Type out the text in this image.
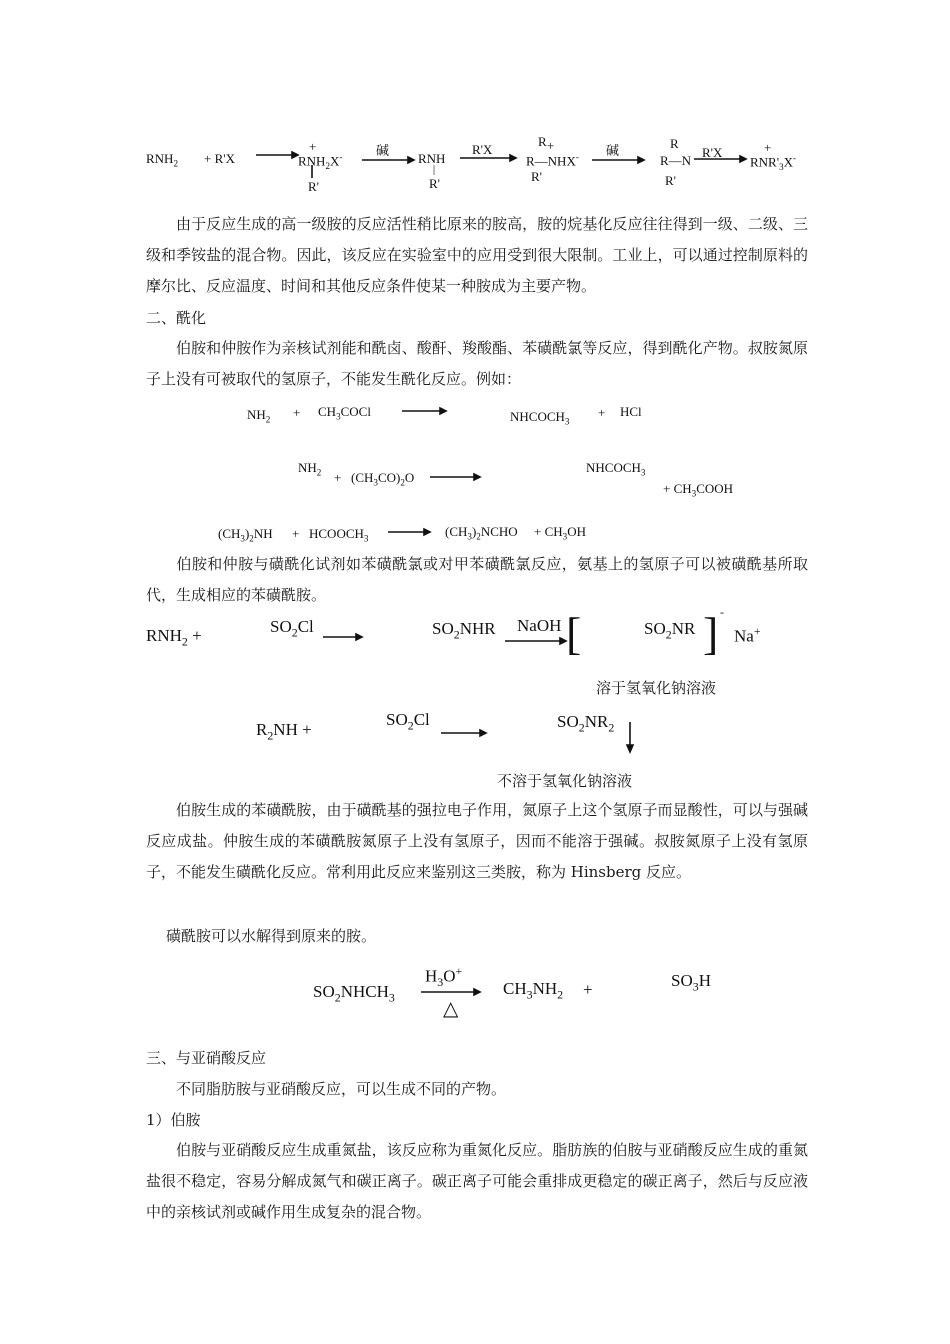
$RNH_2 + R'X$
+
$RNH_2X^-$
R'
碱
RNH
R'
R'X
R +
R—NHX-
R'
碱	R
R—N
R'
R'X	+
$RNR'_3X^-$
由于反应生成的高一级胺的反应活性稍比原来的胺高，胺的烷基化反应往往得到一级、二级、三级和季铵盐的混合物。因此，该反应在实验室中的应用受到很大限制。工业上，可以通过控制原料的摩尔比、反应温度、时间和其他反应条件使某一种胺成为主要产物。
二、酰化
伯胺和仲胺作为亲核试剂能和酰卤、酸酐、羧酸酯、苯磺酰氯等反应，得到酰化产物。叔胺氮原子上没有可被取代的氢原子，不能发生酰化反应。例如：
$NH_2$ + $CH_3COCl$	$NHCOCH_3$
+ HCl
$NH_2 + (CH_3CO)_2O$
$NHCOCH_3$
+ $CH_3COOH$
$(CH_3)_2NH$ + $HCOOCH_3$	$(CH_3)_2NCHO + CH_3OH$
伯胺和仲胺与磺酰化试剂如苯磺酰氯或对甲苯磺酰氯反应，氨基上的氢原子可以被磺酰基所取代，生成相应的苯磺酰胺。
$RNH_2$ +	$SO_2Cl$	$SO_2NHR$ NaOH [	$SO_2NR$ ] -
Na+
溶于氢氧化钠溶液
$R_2NH$ +
$SO_2Cl$	$SO_2NR_2$
不溶于氢氧化钠溶液
伯胺生成的苯磺酰胺，由于磺酰基的强拉电子作用，氮原子上这个氢原子而显酸性，可以与强碱反应成盐。仲胺生成的苯磺酰胺氮原子上没有氢原子，因而不能溶于强碱。叔胺氮原子上没有氢原子，不能发生磺酰化反应。常利用此反应来鉴别这三类胺，称为 Hinsberg 反应。
磺酰胺可以水解得到原来的胺。
$SO_2NHCH_3$
$H_3O^+$
△
$CH_3NH_2$ +	$SO_3H$
三、与亚硝酸反应
不同脂肪胺与亚硝酸反应，可以生成不同的产物。
1）伯胺
伯胺与亚硝酸反应生成重氮盐，该反应称为重氮化反应。脂肪族的伯胺与亚硝酸反应生成的重氮盐很不稳定，容易分解成氮气和碳正离子。碳正离子可能会重排成更稳定的碳正离子，然后与反应液中的亲核试剂或碱作用生成复杂的混合物。
